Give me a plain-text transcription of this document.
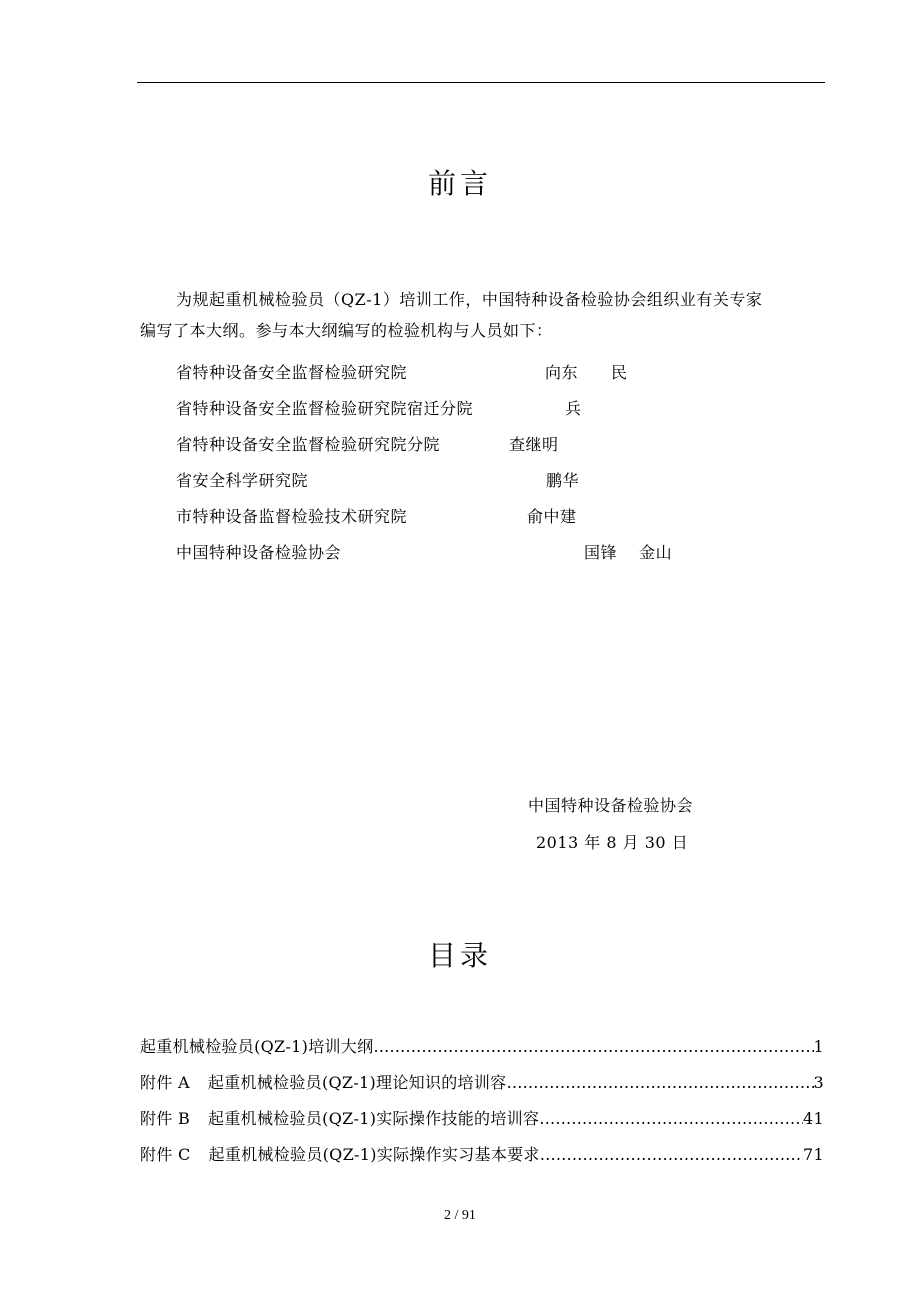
前言
为规起重机械检验员（QZ-1）培训工作，中国特种设备检验协会组织业有关专家
编写了本大纲。参与本大纲编写的检验机构与人员如下：
省特种设备安全监督检验研究院	向东　　民
省特种设备安全监督检验研究院宿迁分院	兵
省特种设备安全监督检验研究院分院	查继明
省安全科学研究院	鹏华
市特种设备监督检验技术研究院	俞中建
中国特种设备检验协会	国锋　 金山
中国特种设备检验协会
2013 年 8 月 30 日
目录
起重机械检验员(QZ-1)培训大纲 …………………………………………………………………………………………………………………………	1
附件 A 起重机械检验员(QZ-1)理论知识的培训容 …………………………………………………………………………………………………………………………	3
附件 B 起重机械检验员(QZ-1)实际操作技能的培训容 …………………………………………………………………………………………………………………………	41
附件 C 起重机械检验员(QZ-1)实际操作实习基本要求 …………………………………………………………………………………………………………………………	71
2 / 91
